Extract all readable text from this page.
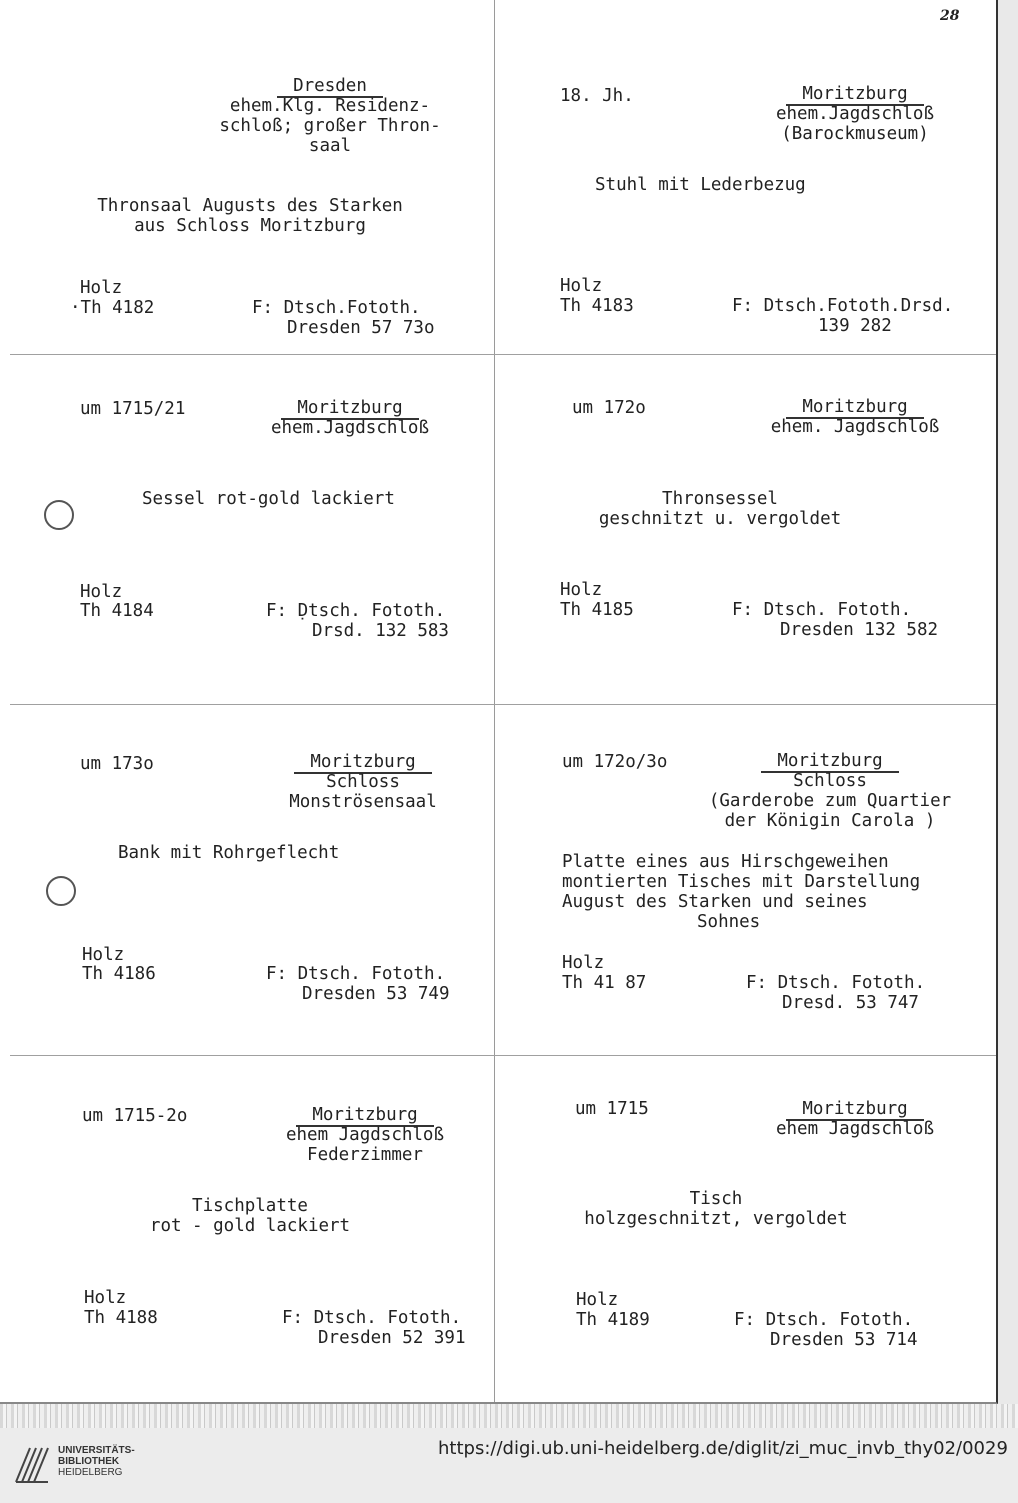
28
Dresden
ehem.Klg. Residenz-
schloß; großer Thron-
saal
Thronsaal Augusts des Starken
aus Schloss Moritzburg
Holz
·Th 4182	F: Dtsch.Fototh.
Dresden 57 73o
18. Jh.	Moritzburg
ehem.Jagdschloß
(Barockmuseum)
Stuhl mit Lederbezug
Holz
Th 4183	F: Dtsch.Fototh.Drsd.
139 282
um 1715/21	Moritzburg
ehem.Jagdschloß
Sessel rot-gold lackiert
Holz
Th 4184	F: Ḍtsch. Fototh.
Drsd. 132 583
um 172o	Moritzburg
ehem. Jagdschloß
Thronsessel
geschnitzt u. vergoldet
Holz
Th 4185	F: Dtsch. Fototh.
Dresden 132 582
um 173o	Moritzburg
Schloss
Monströsensaal
Bank mit Rohrgeflecht
Holz
Th 4186	F: Dtsch. Fototh.
Dresden 53 749
um 172o/3o	Moritzburg
Schloss
(Garderobe zum Quartier
der Königin Carola )
Platte eines aus Hirschgeweihen
montierten Tisches mit Darstellung
August des Starken und seines
Sohnes
Holz
Th 41 87	F: Dtsch. Fototh.
Dresd. 53 747
um 1715-2o	Moritzburg
ehem Jagdschloß
Federzimmer
Tischplatte
rot - gold lackiert
Holz
Th 4188	F: Dtsch. Fototh.
Dresden 52 391
um 1715	Moritzburg
ehem Jagdschloß
Tisch
holzgeschnitzt, vergoldet
Holz
Th 4189	F: Dtsch. Fototh.
Dresden 53 714
UNIVERSITÄTS-
BIBLIOTHEK
HEIDELBERG
https://digi.ub.uni-heidelberg.de/diglit/zi_muc_invb_thy02/0029
